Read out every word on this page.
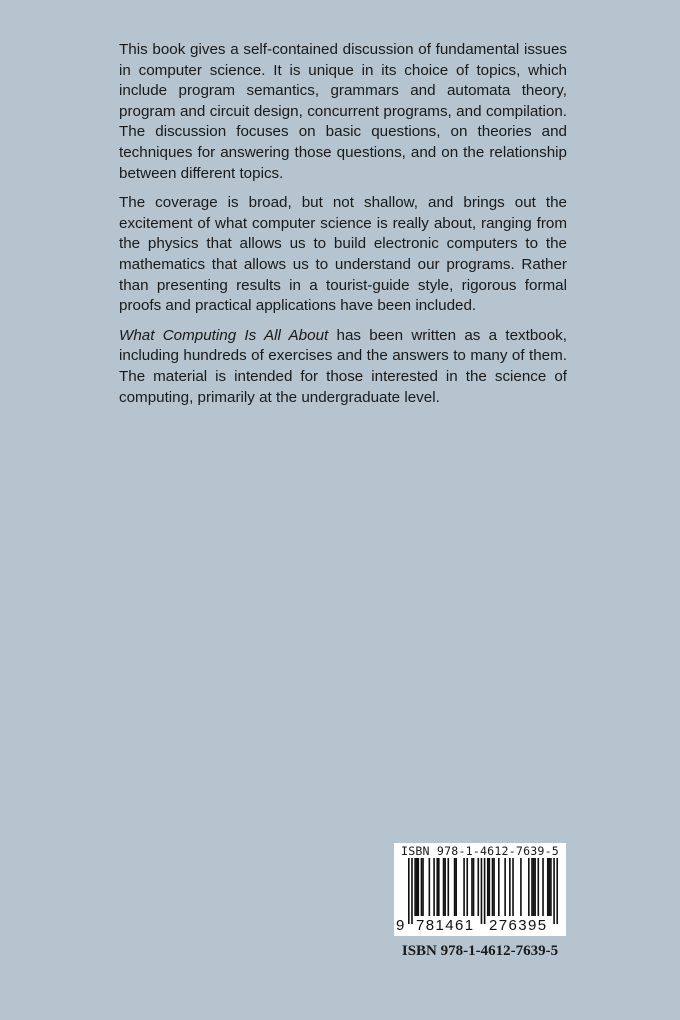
This book gives a self-contained discussion of fundamental issues in computer science. It is unique in its choice of topics, which include program semantics, grammars and automata theory, program and circuit design, concurrent programs, and compilation. The discussion focuses on basic questions, on theories and techniques for answering those questions, and on the relationship between different topics.

The coverage is broad, but not shallow, and brings out the excitement of what computer science is really about, ranging from the physics that allows us to build electronic computers to the mathematics that allows us to understand our programs. Rather than presenting results in a tourist-guide style, rigorous formal proofs and practical applications have been included.

What Computing Is All About has been written as a textbook, including hundreds of exercises and the answers to many of them. The material is intended for those interested in the science of computing, primarily at the undergraduate level.

ISBN 978-1-4612-7639-5
9 781461 276395
ISBN 978-1-4612-7639-5
